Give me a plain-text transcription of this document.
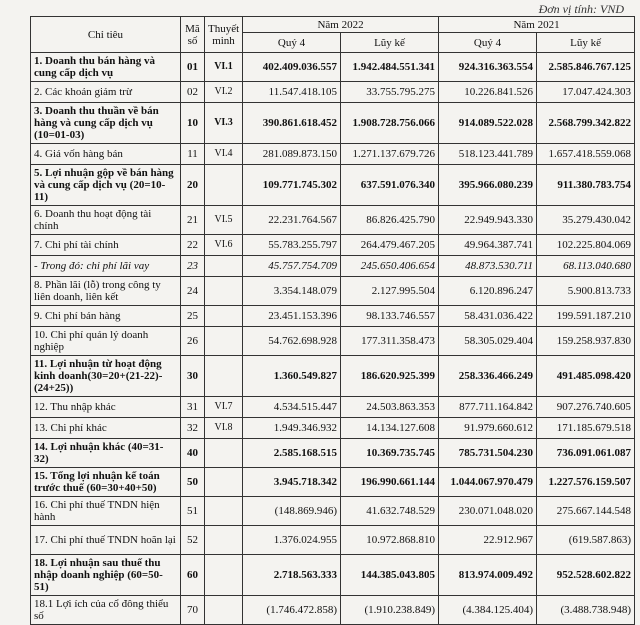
Đơn vị tính: VND
Chỉ tiêu	Mã số	Thuyết minh	Năm 2022		Năm 2021	
			Quý 4	Lũy kế	Quý 4	Lũy kế
1. Doanh thu bán hàng và cung cấp dịch vụ	01	VI.1	402.409.036.557	1.942.484.551.341	924.316.363.554	2.585.846.767.125
2. Các khoản giảm trừ	02	VI.2	11.547.418.105	33.755.795.275	10.226.841.526	17.047.424.303
3. Doanh thu thuần về bán hàng và cung cấp dịch vụ (10=01-03)	10	VI.3	390.861.618.452	1.908.728.756.066	914.089.522.028	2.568.799.342.822
4. Giá vốn hàng bán	11	VI.4	281.089.873.150	1.271.137.679.726	518.123.441.789	1.657.418.559.068
5. Lợi nhuận gộp về bán hàng và cung cấp dịch vụ (20=10-11)	20		109.771.745.302	637.591.076.340	395.966.080.239	911.380.783.754
6. Doanh thu hoạt động tài chính	21	VI.5	22.231.764.567	86.826.425.790	22.949.943.330	35.279.430.042
7. Chi phí tài chính	22	VI.6	55.783.255.797	264.479.467.205	49.964.387.741	102.225.804.069
- Trong đó: chi phí lãi vay	23		45.757.754.709	245.650.406.654	48.873.530.711	68.113.040.680
8. Phần lãi (lỗ) trong công ty liên doanh, liên kết	24		3.354.148.079	2.127.995.504	6.120.896.247	5.900.813.733
9. Chi phí bán hàng	25		23.451.153.396	98.133.746.557	58.431.036.422	199.591.187.210
10. Chi phí quản lý doanh nghiệp	26		54.762.698.928	177.311.358.473	58.305.029.404	159.258.937.830
11. Lợi nhuận từ hoạt động kinh doanh(30=20+(21-22)-(24+25))	30		1.360.549.827	186.620.925.399	258.336.466.249	491.485.098.420
12. Thu nhập khác	31	VI.7	4.534.515.447	24.503.863.353	877.711.164.842	907.276.740.605
13. Chi phí khác	32	VI.8	1.949.346.932	14.134.127.608	91.979.660.612	171.185.679.518
14. Lợi nhuận khác (40=31-32)	40		2.585.168.515	10.369.735.745	785.731.504.230	736.091.061.087
15. Tổng lợi nhuận kế toán trước thuế (60=30+40+50)	50		3.945.718.342	196.990.661.144	1.044.067.970.479	1.227.576.159.507
16. Chi phí thuế TNDN hiện hành	51		(148.869.946)	41.632.748.529	230.071.048.020	275.667.144.548
17. Chi phí thuế TNDN hoãn lại	52		1.376.024.955	10.972.868.810	22.912.967	(619.587.863)
18. Lợi nhuận sau thuế thu nhập doanh nghiệp (60=50-51)	60		2.718.563.333	144.385.043.805	813.974.009.492	952.528.602.822
18.1 Lợi ích của cổ đông thiểu số	70		(1.746.472.858)	(1.910.238.849)	(4.384.125.404)	(3.488.738.948)
